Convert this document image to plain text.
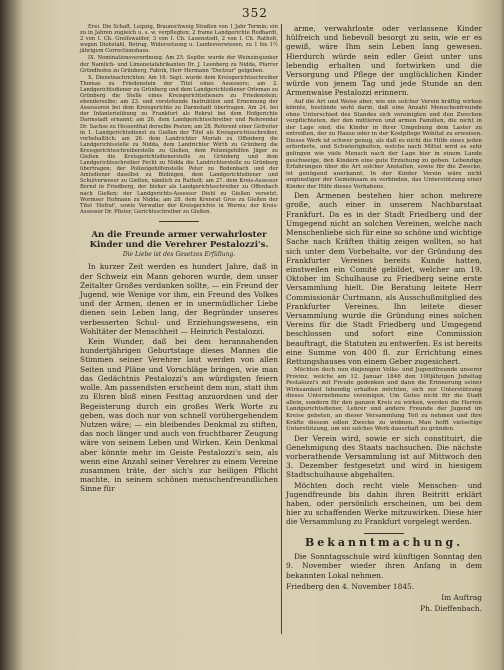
352

Erei. Die Schaft, Leipzig, Braunschweig Straßen von 1 Jahr Termin; ein zu in Jahren zugleich u. s. w. verpflegten; 2 frame Landgerichte Rodhardt, 2 von I. Ch. Greifswalder, 3 von I. Ch. Lauenstedt, 2 von I. Ch. Ratholt, wegen Diebstahl, Betrug, Widersetzung u. Landesverwiesen, zu 1 bis 1½ jährigem Correctionshaus.

IX. Nominationsverordnung. Am 25. Septbr. wurde der Weinzinsjunker der Namlich- und Limonetafabrikanten Dr. J. Leonberg zu Nidda, Pfarrer Gründhofen zu Grünberg, Fabrik, Herr Hermann "Docteur" gelgeben.

X. Dienstnachrichten: Am 16. Sept. wurde dem Kreisgerichtsschreiber Thomas zu Friedenstein der Titel eines Assessors; am 2. Landgerichtsdiener zu Grünberg und dem Landgerichtsdiener Orleman zu Grünberg die Stelle eines Kreisgerichtsdieners zu Friedenstein; ebenderselbe; am 23. und vorstehende Instruktion und Ernennung der Assessoren bei dem Kreisgerichte zu Darmstadt übertragen. Am 24. bei der Infanterieübung zu Frankfurt als Rekrut bei dem Hofgerichte Darmstadt ernannt; am 26. dem Landgerichtsschreiber und Referendar Dr. Sachse zu Hessenthal derselbe Posten; am 28. Referent einer Gefreiter in 1. Landgerichtsdienst zu Gießen der Titel als Kreisgerichtsschreiber, vorbehaltlich; am 26. dem Landrichter Moriah zu Offenberg die Landgerichtsstelle zu Nidda, dem Landrichter Wirth zu Grünberg die Kreisgerichtsschreiberstelle zu Gießen, dem Polizeigehilfen Jäger zu Gießen die Kreisgerichtsdienerstelle zu Grünberg und dem Landgerichtsschreiber Fecht zu Nidda die Landrichterstelle zu Grünberg übertragen; der Polizeigehilfenstelle Peter zu Rodenbach und der Amtsdiener daselbst zu Büdingen, dem Landgerichtsdiener und Schulverweser zu Gießen, nämlich zu Ratholt; am 27. dem Kreis-Assessor Bernd in Friedberg, der bisher als Landgerichtsschreiber zu Offenbach nach Gießen; der Landgerichts-Assessor Diehl zu Gießen versetzt, Wormser Hofmann zu Nidda; am 28. dem Kreisrat Gros zu Gießen der Titel 'Hofrat', sowie Verwalter der Kreisgerichte in Worms; der Kreis-Assessor Dr. Pfister, Gerichtsschreiber zu Gießen.

An die Freunde armer verwahrloster Kinder und die Verehrer Pestalozzi's.
Die Liebe ist des Gesetzes Erfüllung.

In kurzer Zeit werden es hundert Jahre, daß in der Schweiz ein Mann geboren wurde, dem unser Zeitalter Großes verdanken sollte, — ein Freund der Jugend, wie Wenige vor ihm, ein Freund des Volkes und der Armen, denen er in unermüdlicher Liebe dienen sein Leben lang, der Begründer unseres verbesserten Schul- und Erziehungswesens, ein Wohltäter der Menschheit — Heinrich Pestalozzi.

Kein Wunder, daß bei dem herannahenden hundertjährigen Geburtstage dieses Mannes die Stimmen seiner Verehrer laut werden von allen Seiten und Pläne und Vorschläge bringen, wie man das Gedächtnis Pestalozzi's am würdigsten feiern wolle. Am passendsten erscheint dem nun, statt ihm zu Ehren bloß einen Festtag anzuordnen und der Begeisterung durch ein großes Werk Worte zu geben, was doch nur von schnell vorübergehendem Nutzen wäre; — ein bleibendes Denkmal zu stiften, das noch länger und auch von fruchtbarer Zeugung wäre von seinem Leben und Wirken. Kein Denkmal aber könnte mehr im Geiste Pestalozzi's sein, als wenn eine Anzahl seiner Verehrer zu einem Vereine zusammen träte, der sich's zur heiligen Pflicht machte, in seinem schönen menschenfreundlichen Sinne für

arme, verwahrloste oder verlassene Kinder hülfreich und liebevoll besorgt zu sein, wie er es gewiß, wäre Ihm sein Leben lang gewesen. Hierdurch würde sein edler Geist unter uns lebendig erhalten und fortwirken und die Versorgung und Pflege der unglücklichen Kinder würde von jenem Tag und jede Stunde an den Armenwaise Pestalozzi erinnern.

Auf die Art und Weise aber, wie ein solcher Verein kräftig wirken könnte, bestände wohl darin, daß eine Anzahl Menschenfreunde ohne Unterschied des Standes sich vereinigten und den Zwecken verpflichteten, der den mittleren und armen Familien, die nicht in der Lage sind, die Kinder in ihrer Umgebung dem Laster zu entreißen, der zu Hause oder in der Kostpflege Wohltat zu erweisen. Dieses Werk ist schwer genug, als daß es nicht die Hilfe eines jeden erforderte, und Schwierigkeiten, welche nach Mittel wird es sehr gelingen wie viele Mensch nach der Lage hier in einem Lande geschweige, den Kindern eine gute Erziehung zu geben. Lebendige Erfahrungen über die Art solcher Anstalten, sowie für die Zwecke, ist genügend anerkannt. In der Kinder Verein wäre nicht ungünstiger der Gemeinsam zu verbinden, das Unterstützung einer Kinder der Hilfe dieses Vorhabens.

Den Armenen bestehen hier schon mehrere große, auch einer in unserem Nachbarstaat Frankfurt. Da es in der Stadt Friedberg und der Umgegend nicht an solchen Vereinen, welche nach Menschenliebe sich für eine so schöne und wichtige Sache nach Kräften thätig zeigen wollten, so hat sich unter dem Vorbehalte, vor der Gründung des Frankfurter Vereines bereits Kunde hatten, einstweilen ein Comité gebildet, welcher am 19. Oktober im Schulhause zu Friedberg seine erste Versammlung hielt. Die Beratung leitete Herr Commissionär Curtmann, als Ausschußmitglied des Frankfurter Vereines. Ihn leitete dieser Versammlung wurde die Gründung eines solchen Vereins für die Stadt Friedberg und Umgegend beschlossen und sofort eine Commission beauftragt, die Statuten zu entwerfen. Es ist bereits eine Summe von 400 fl. zur Errichtung eines Rettungshauses von einem Geber zugesichert.

Möchten doch nun diejenigen Volks- und Jugendfreunde unserer Provinz, welche am 12. Januar 1846 den 100jährigen Jubeltag Pestalozzi's mit Freude gedenken und dann die Erinnerung seiner Wirksamkeit lebendig erhalten möchten, sich zur Unterstützung dieses Unternehmens vereinigen. Um Gutes nicht für die Stadt allein, sondern für den ganzen Kreis zu wirken, werden die Herren Landgerichtsdiener, Lehrer und andere Freunde der Jugend im Kreise gebeten, an dieser Versammlung Teil zu nehmen und ihre Kräfte diesem edlen Zwecke zu widmen. Man hofft vielseitige Unterstützung, um ein solches Werk dauerhaft zu gründen.

Der Verein wird, sowie er sich constituirt, die Genehmigung des Staats nachsuchen. Die nächste vorberathende Versammlung ist auf Mittwoch den 3. Dezember festgesetzt und wird in hiesigem Stadtschulhause abgehalten.

Möchten doch recht viele Menschen- und Jugendfreunde bis dahin ihren Beitritt erklärt haben, oder persönlich erscheinen, um bei dem hier zu schaffenden Werke mitzuwirken. Diese hier die Versammlung zu Frankfurt vorgelegt werden.

Bekanntmachung.

Die Sonntagsschule wird künftigen Sonntag den 9. November wieder ihren Anfang in dem bekannten Lokal nehmen.

Friedberg den 4. November 1845.

Im Auftrag
Ph. Dieffenbach.
